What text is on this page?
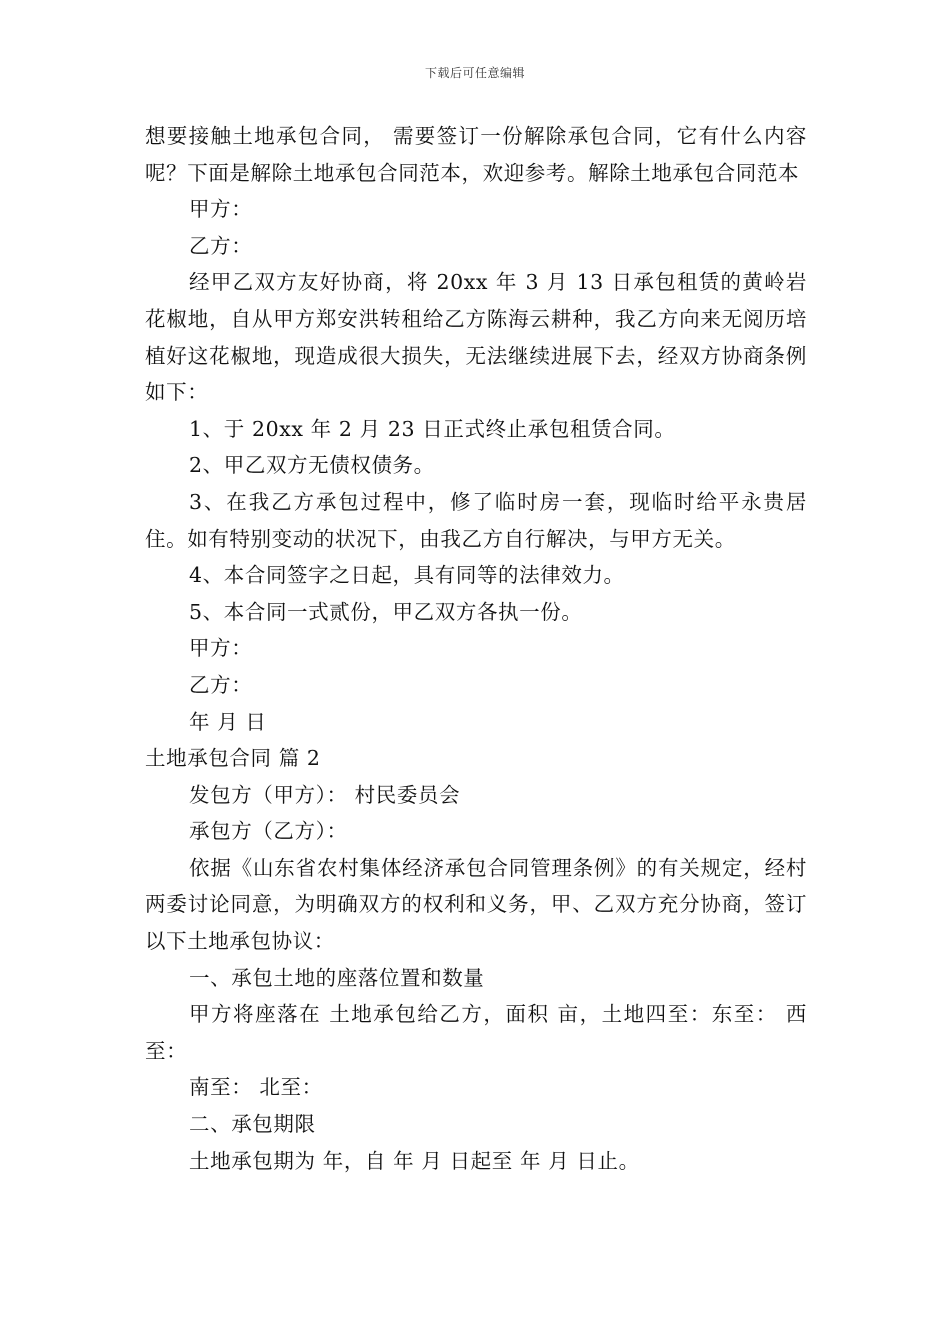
下载后可任意编辑

想要接触土地承包合同， 需要签订一份解除承包合同，它有什么内容呢？下面是解除土地承包合同范本，欢迎参考。解除土地承包合同范本

甲方：

乙方：

经甲乙双方友好协商，将 20xx 年 3 月 13 日承包租赁的黄岭岩花椒地，自从甲方郑安洪转租给乙方陈海云耕种，我乙方向来无阅历培植好这花椒地，现造成很大损失，无法继续进展下去，经双方协商条例如下：

1、于 20xx 年 2 月 23 日正式终止承包租赁合同。

2、甲乙双方无债权债务。

3、在我乙方承包过程中，修了临时房一套，现临时给平永贵居住。如有特别变动的状况下，由我乙方自行解决，与甲方无关。

4、本合同签字之日起，具有同等的法律效力。

5、本合同一式贰份，甲乙双方各执一份。

甲方：

乙方：

年 月 日

土地承包合同 篇 2

发包方（甲方）： 村民委员会

承包方（乙方）：

依据《山东省农村集体经济承包合同管理条例》的有关规定，经村两委讨论同意，为明确双方的权利和义务，甲、乙双方充分协商，签订以下土地承包协议：

一、承包土地的座落位置和数量

甲方将座落在 土地承包给乙方，面积 亩，土地四至：东至： 西至：

南至： 北至：

二、承包期限

土地承包期为 年，自 年 月 日起至 年 月 日止。
